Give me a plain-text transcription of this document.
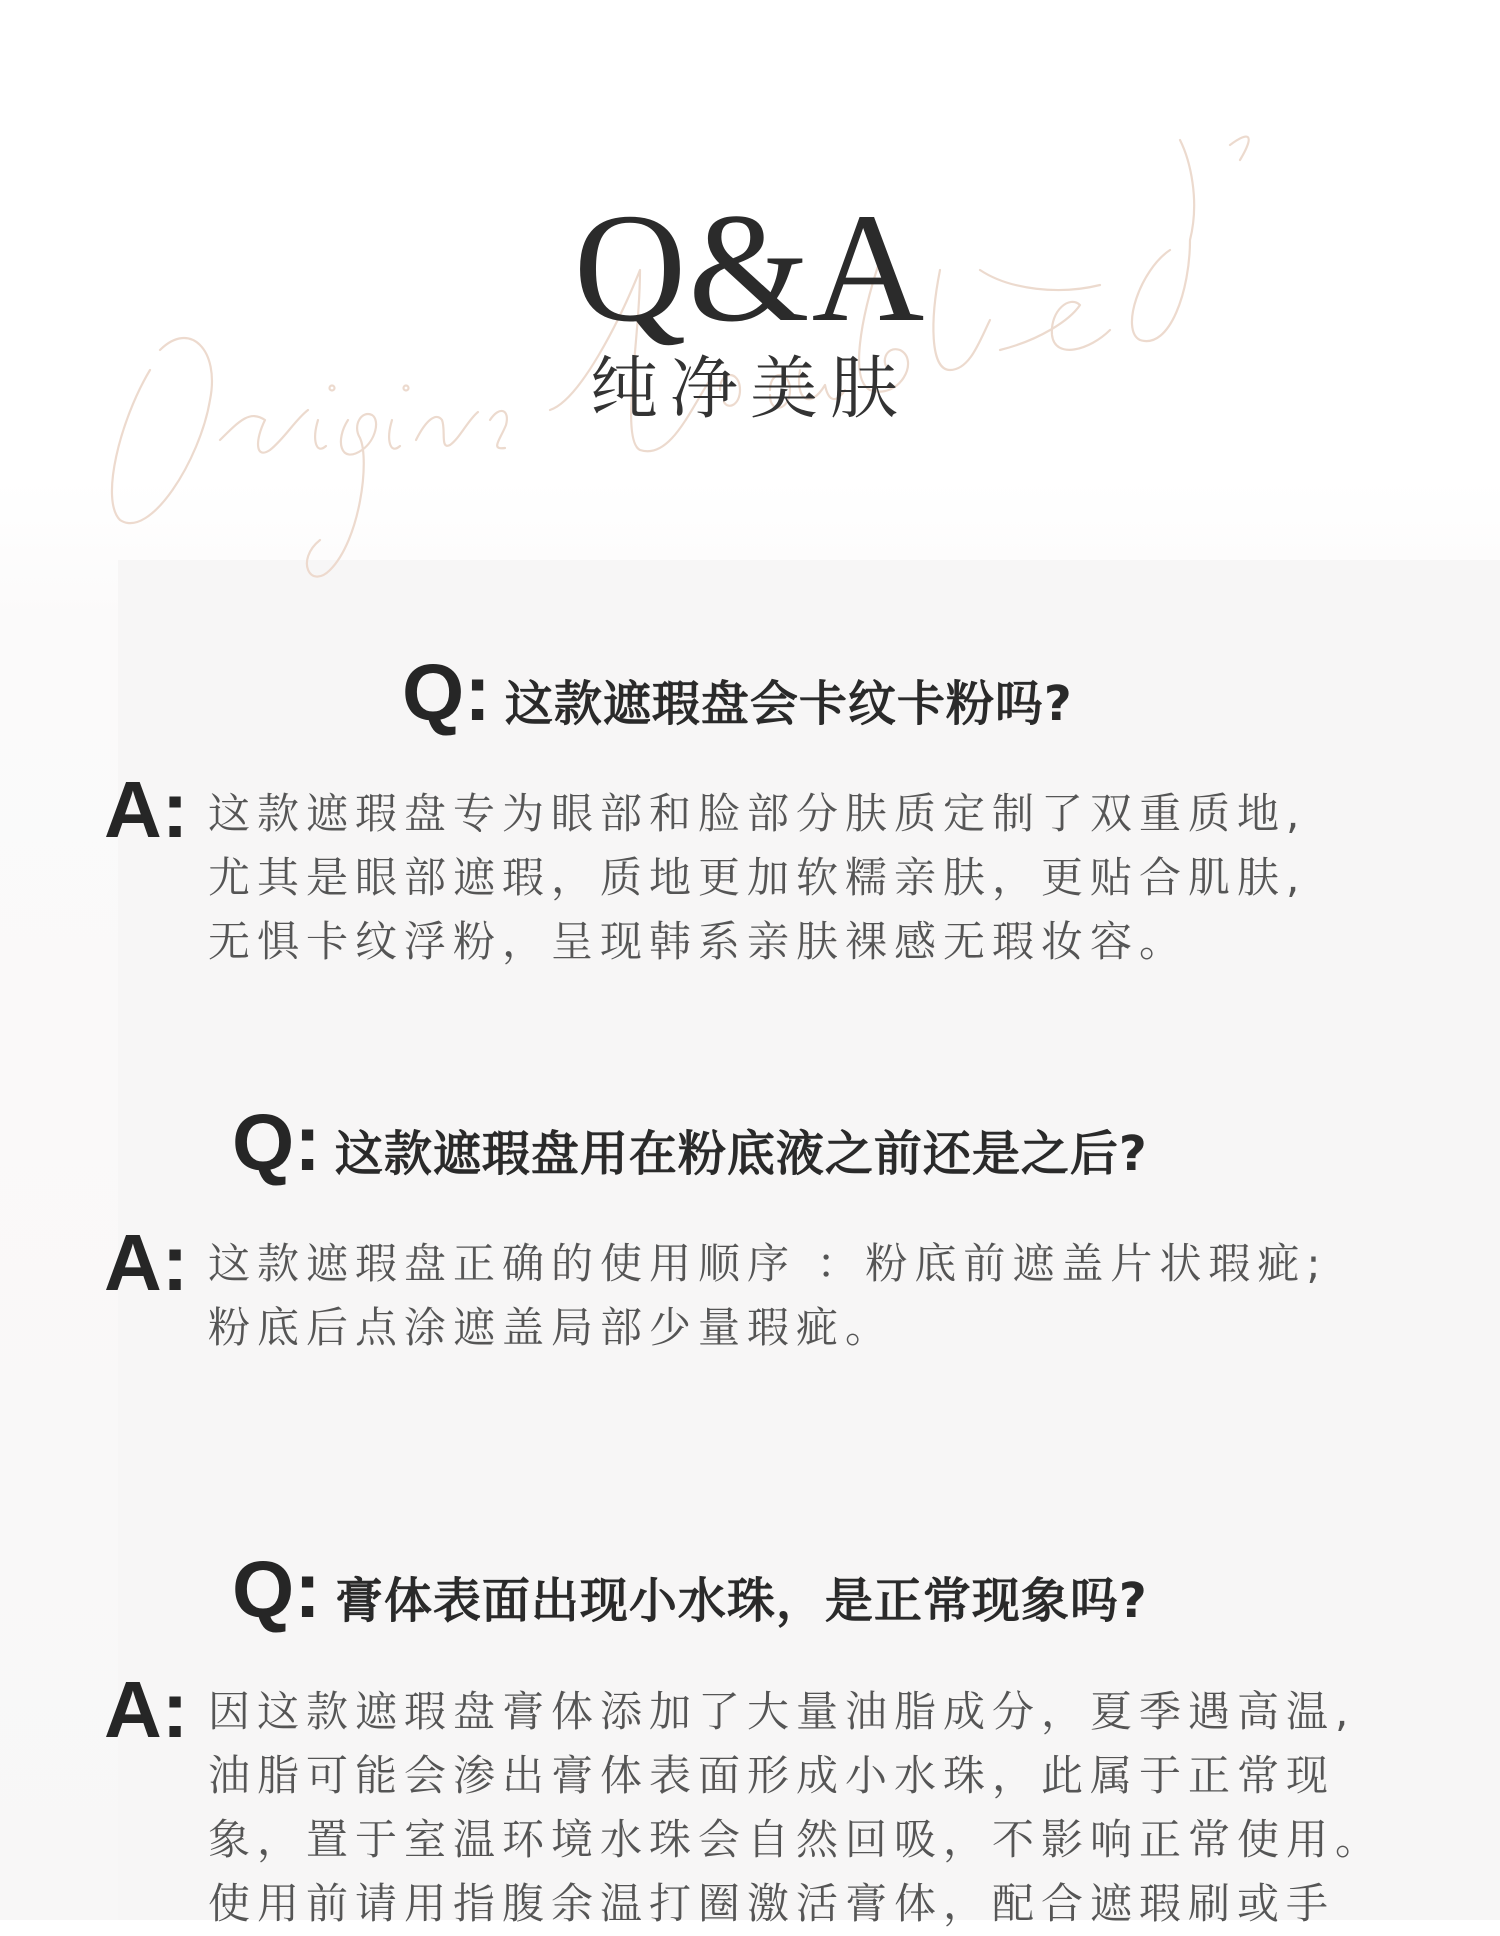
Q&A
纯净美肤
Q: 这款遮瑕盘会卡纹卡粉吗?
A: 这款遮瑕盘专为眼部和脸部分肤质定制了双重质地,
尤其是眼部遮瑕，质地更加软糯亲肤，更贴合肌肤,
无惧卡纹浮粉，呈现韩系亲肤裸感无瑕妆容。
Q: 这款遮瑕盘用在粉底液之前还是之后?
A: 这款遮瑕盘正确的使用顺序 ：粉底前遮盖片状瑕疵;
粉底后点涂遮盖局部少量瑕疵。
Q: 膏体表面出现小水珠，是正常现象吗?
A: 因这款遮瑕盘膏体添加了大量油脂成分，夏季遇高温,
油脂可能会渗出膏体表面形成小水珠，此属于正常现
象，置于室温环境水珠会自然回吸，不影响正常使用。
使用前请用指腹余温打圈激活膏体，配合遮瑕刷或手
